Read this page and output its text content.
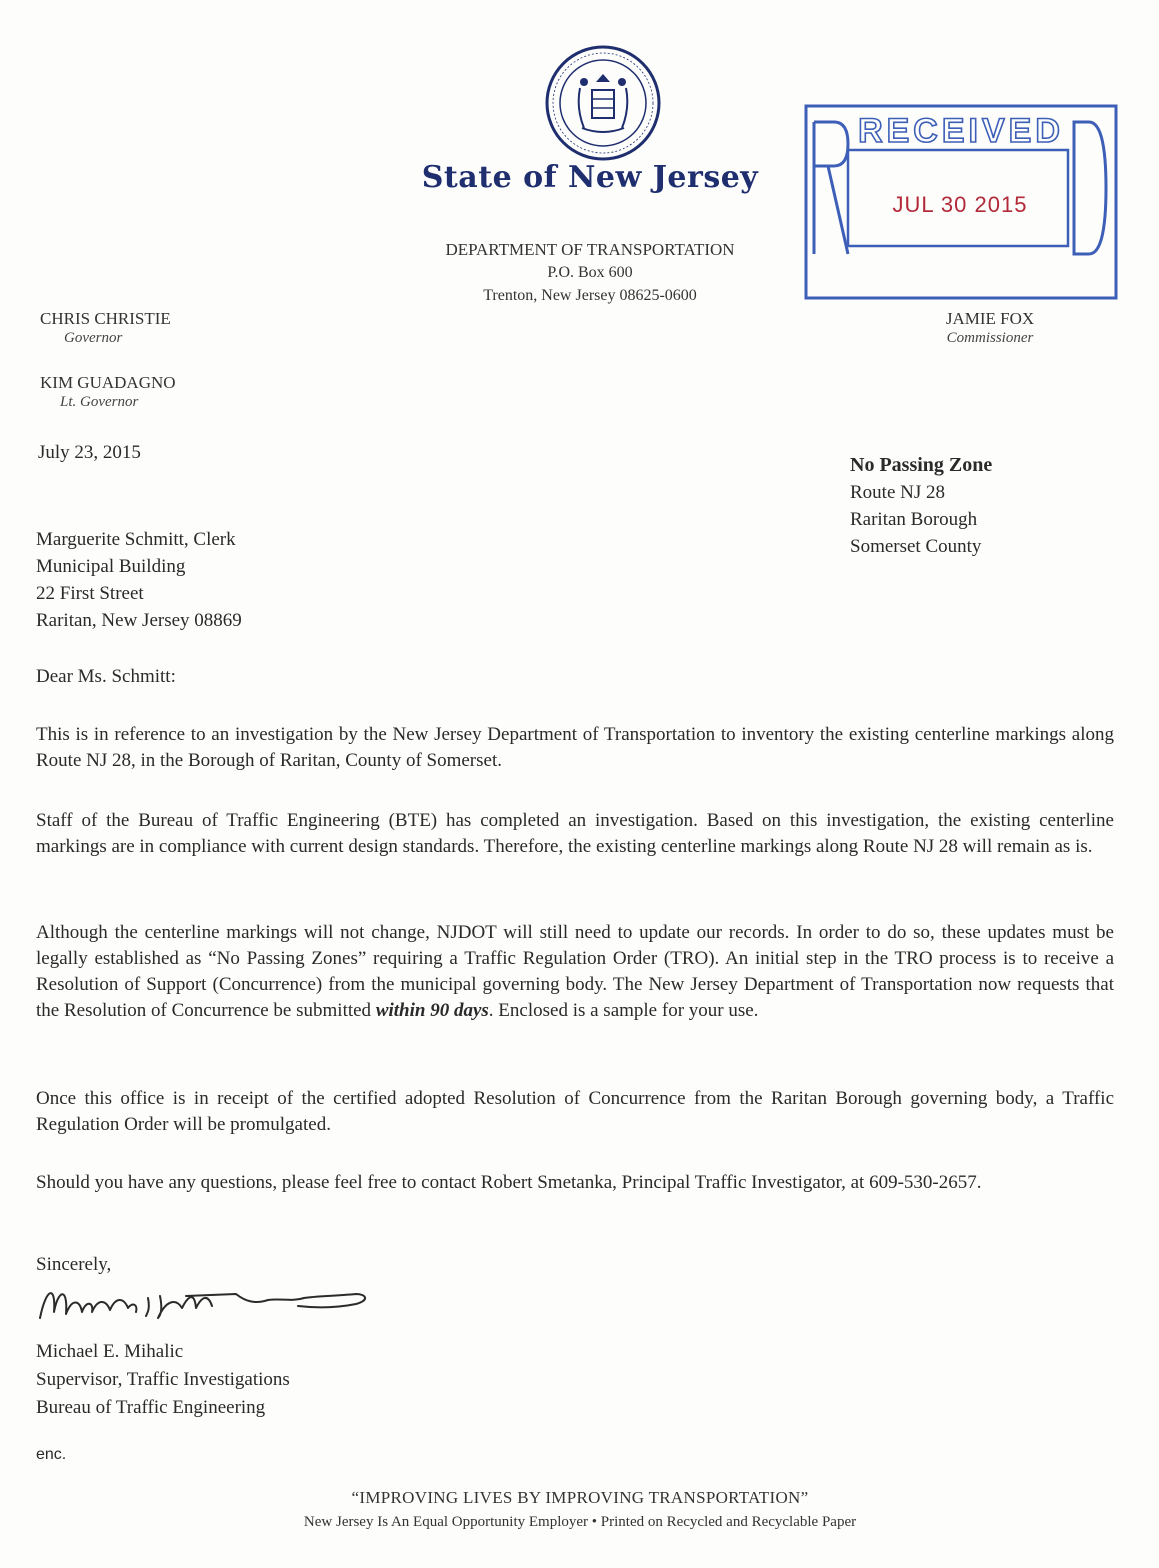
State of New Jersey
DEPARTMENT OF TRANSPORTATION
P.O. Box 600
Trenton, New Jersey 08625-0600
RECEIVED
JUL 30 2015
CHRIS CHRISTIE
Governor
KIM GUADAGNO
Lt. Governor
JAMIE FOX
Commissioner
July 23, 2015
No Passing Zone
Route NJ 28
Raritan Borough
Somerset County
Marguerite Schmitt, Clerk
Municipal Building
22 First Street
Raritan, New Jersey 08869
Dear Ms. Schmitt:
This is in reference to an investigation by the New Jersey Department of Transportation to inventory the existing centerline markings along Route NJ 28, in the Borough of Raritan, County of Somerset.
Staff of the Bureau of Traffic Engineering (BTE) has completed an investigation. Based on this investigation, the existing centerline markings are in compliance with current design standards. Therefore, the existing centerline markings along Route NJ 28 will remain as is.
Although the centerline markings will not change, NJDOT will still need to update our records. In order to do so, these updates must be legally established as “No Passing Zones” requiring a Traffic Regulation Order (TRO). An initial step in the TRO process is to receive a Resolution of Support (Concurrence) from the municipal governing body. The New Jersey Department of Transportation now requests that the Resolution of Concurrence be submitted within 90 days. Enclosed is a sample for your use.
Once this office is in receipt of the certified adopted Resolution of Concurrence from the Raritan Borough governing body, a Traffic Regulation Order will be promulgated.
Should you have any questions, please feel free to contact Robert Smetanka, Principal Traffic Investigator, at 609-530-2657.
Sincerely,
Michael E. Mihalic
Supervisor, Traffic Investigations
Bureau of Traffic Engineering
enc.
“IMPROVING LIVES BY IMPROVING TRANSPORTATION”
New Jersey Is An Equal Opportunity Employer • Printed on Recycled and Recyclable Paper
